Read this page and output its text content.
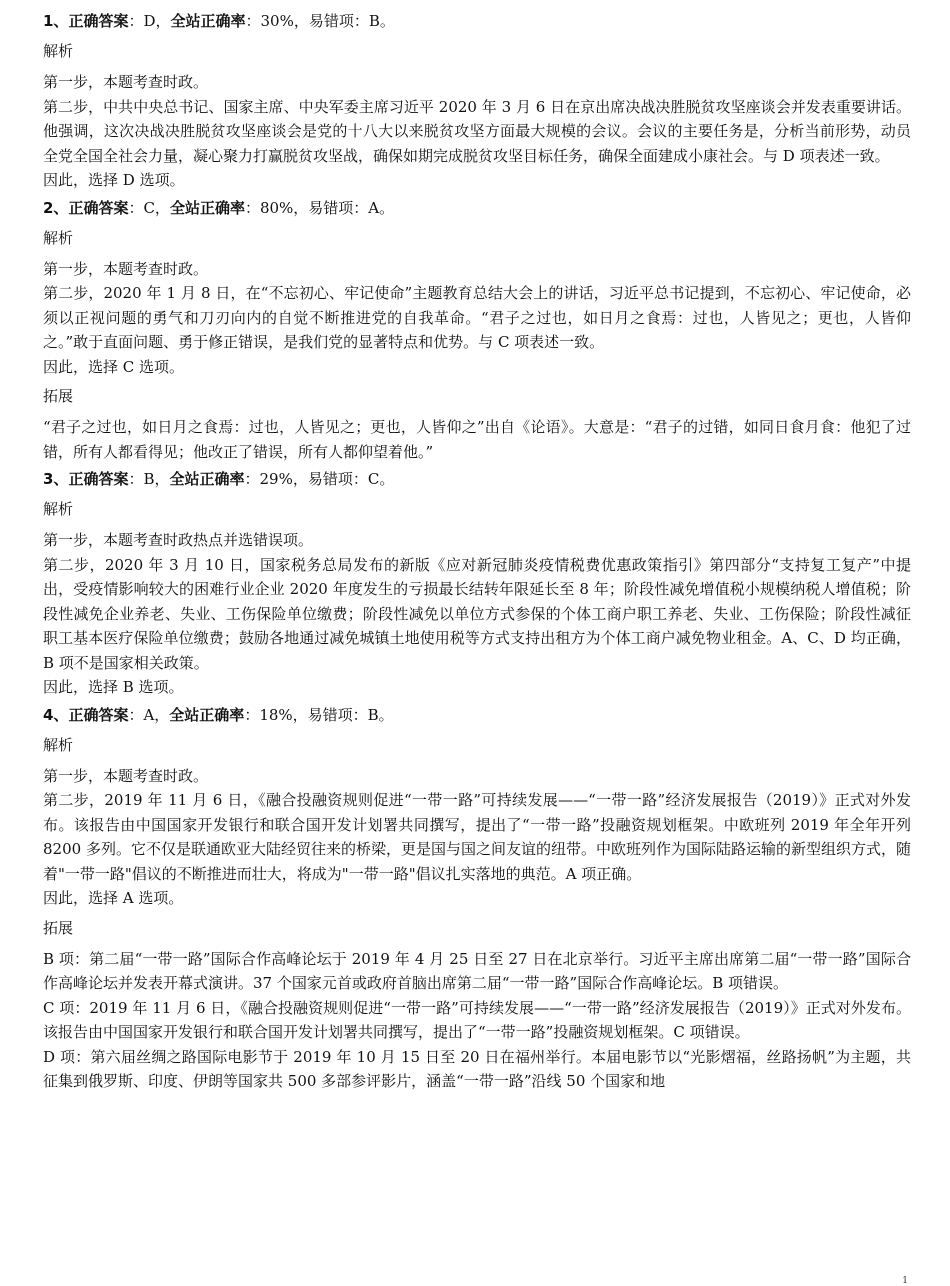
1、正确答案：D，全站正确率：30%，易错项：B。
解析
第一步，本题考查时政。
第二步，中共中央总书记、国家主席、中央军委主席习近平 2020 年 3 月 6 日在京出席决战决胜脱贫攻坚座谈会并发表重要讲话。他强调，这次决战决胜脱贫攻坚座谈会是党的十八大以来脱贫攻坚方面最大规模的会议。会议的主要任务是，分析当前形势，动员全党全国全社会力量，凝心聚力打赢脱贫攻坚战，确保如期完成脱贫攻坚目标任务，确保全面建成小康社会。与 D 项表述一致。
因此，选择 D 选项。
2、正确答案：C，全站正确率：80%，易错项：A。
解析
第一步，本题考查时政。
第二步，2020 年 1 月 8 日，在“不忘初心、牢记使命”主题教育总结大会上的讲话，习近平总书记提到，不忘初心、牢记使命，必须以正视问题的勇气和刀刃向内的自觉不断推进党的自我革命。“君子之过也，如日月之食焉：过也，人皆见之；更也，人皆仰之。”敢于直面问题、勇于修正错误，是我们党的显著特点和优势。与 C 项表述一致。
因此，选择 C 选项。
拓展
“君子之过也，如日月之食焉：过也，人皆见之；更也，人皆仰之”出自《论语》。大意是：“君子的过错，如同日食月食：他犯了过错，所有人都看得见；他改正了错误，所有人都仰望着他。”
3、正确答案：B，全站正确率：29%，易错项：C。
解析
第一步，本题考查时政热点并选错误项。
第二步，2020 年 3 月 10 日，国家税务总局发布的新版《应对新冠肺炎疫情税费优惠政策指引》第四部分“支持复工复产”中提出，受疫情影响较大的困难行业企业 2020 年度发生的亏损最长结转年限延长至 8 年；阶段性减免增值税小规模纳税人增值税；阶段性减免企业养老、失业、工伤保险单位缴费；阶段性减免以单位方式参保的个体工商户职工养老、失业、工伤保险；阶段性减征职工基本医疗保险单位缴费；鼓励各地通过减免城镇土地使用税等方式支持出租方为个体工商户减免物业租金。A、C、D 均正确，B 项不是国家相关政策。
因此，选择 B 选项。
4、正确答案：A，全站正确率：18%，易错项：B。
解析
第一步，本题考查时政。
第二步，2019 年 11 月 6 日，《融合投融资规则促进“一带一路”可持续发展——“一带一路”经济发展报告（2019）》正式对外发布。该报告由中国国家开发银行和联合国开发计划署共同撰写，提出了“一带一路”投融资规划框架。中欧班列 2019 年全年开列 8200 多列。它不仅是联通欧亚大陆经贸往来的桥梁，更是国与国之间友谊的纽带。中欧班列作为国际陆路运输的新型组织方式，随着"一带一路"倡议的不断推进而壮大，将成为"一带一路"倡议扎实落地的典范。A 项正确。
因此，选择 A 选项。
拓展
B 项：第二届“一带一路”国际合作高峰论坛于 2019 年 4 月 25 日至 27 日在北京举行。习近平主席出席第二届“一带一路”国际合作高峰论坛并发表开幕式演讲。37 个国家元首或政府首脑出席第二届“一带一路”国际合作高峰论坛。B 项错误。
C 项：2019 年 11 月 6 日，《融合投融资规则促进“一带一路”可持续发展——“一带一路”经济发展报告（2019）》正式对外发布。该报告由中国国家开发银行和联合国开发计划署共同撰写，提出了“一带一路”投融资规划框架。C 项错误。
D 项：第六届丝绸之路国际电影节于 2019 年 10 月 15 日至 20 日在福州举行。本届电影节以“光影熠福，丝路扬帆”为主题，共征集到俄罗斯、印度、伊朗等国家共 500 多部参评影片，涵盖“一带一路”沿线 50 个国家和地
1
